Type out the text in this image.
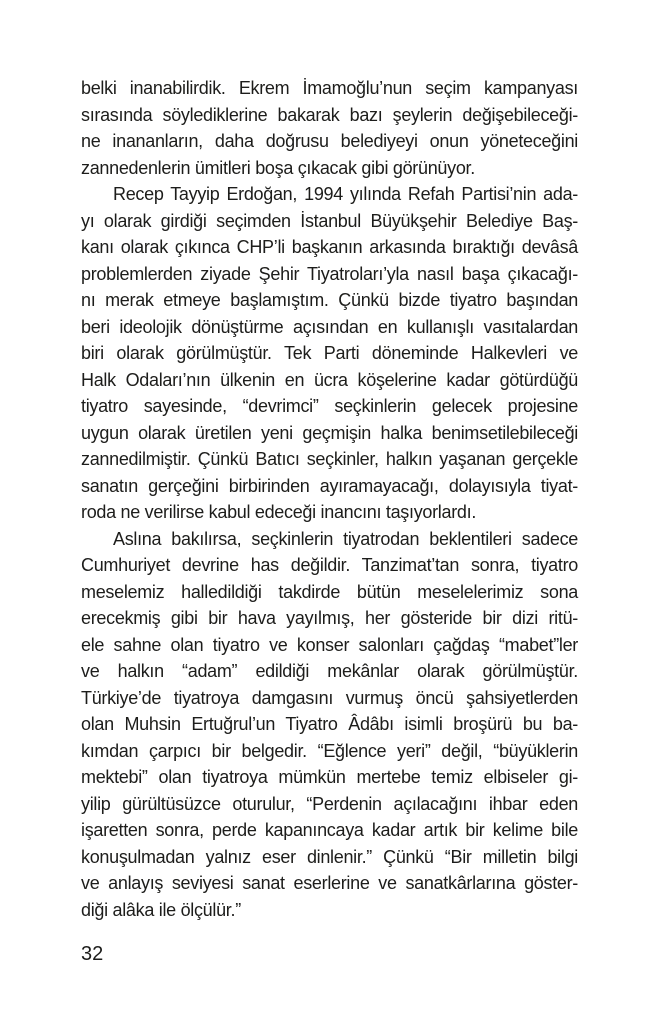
belki inanabilirdik. Ekrem İmamoğlu’nun seçim kampanyası
sırasında söylediklerine bakarak bazı şeylerin değişebileceği-
ne inananların, daha doğrusu belediyeyi onun yöneteceğini
zannedenlerin ümitleri boşa çıkacak gibi görünüyor.
Recep Tayyip Erdoğan, 1994 yılında Refah Partisi’nin ada-
yı olarak girdiği seçimden İstanbul Büyükşehir Belediye Baş-
kanı olarak çıkınca CHP’li başkanın arkasında bıraktığı devâsâ
problemlerden ziyade Şehir Tiyatroları’yla nasıl başa çıkacağı-
nı merak etmeye başlamıştım. Çünkü bizde tiyatro başından
beri ideolojik dönüştürme açısından en kullanışlı vasıtalardan
biri olarak görülmüştür. Tek Parti döneminde Halkevleri ve
Halk Odaları’nın ülkenin en ücra köşelerine kadar götürdüğü
tiyatro sayesinde, “devrimci” seçkinlerin gelecek projesine
uygun olarak üretilen yeni geçmişin halka benimsetilebileceği
zannedilmiştir. Çünkü Batıcı seçkinler, halkın yaşanan gerçekle
sanatın gerçeğini birbirinden ayıramayacağı, dolayısıyla tiyat-
roda ne verilirse kabul edeceği inancını taşıyorlardı.
Aslına bakılırsa, seçkinlerin tiyatrodan beklentileri sadece
Cumhuriyet devrine has değildir. Tanzimat’tan sonra, tiyatro
meselemiz halledildiği takdirde bütün meselelerimiz sona
erecekmiş gibi bir hava yayılmış, her gösteride bir dizi ritü-
ele sahne olan tiyatro ve konser salonları çağdaş “mabet”ler
ve halkın “adam” edildiği mekânlar olarak görülmüştür.
Türkiye’de tiyatroya damgasını vurmuş öncü şahsiyetlerden
olan Muhsin Ertuğrul’un Tiyatro Âdâbı isimli broşürü bu ba-
kımdan çarpıcı bir belgedir. “Eğlence yeri” değil, “büyüklerin
mektebi” olan tiyatroya mümkün mertebe temiz elbiseler gi-
yilip gürültüsüzce oturulur, “Perdenin açılacağını ihbar eden
işaretten sonra, perde kapanıncaya kadar artık bir kelime bile
konuşulmadan yalnız eser dinlenir.” Çünkü “Bir milletin bilgi
ve anlayış seviyesi sanat eserlerine ve sanatkârlarına göster-
diği alâka ile ölçülür.”
32
